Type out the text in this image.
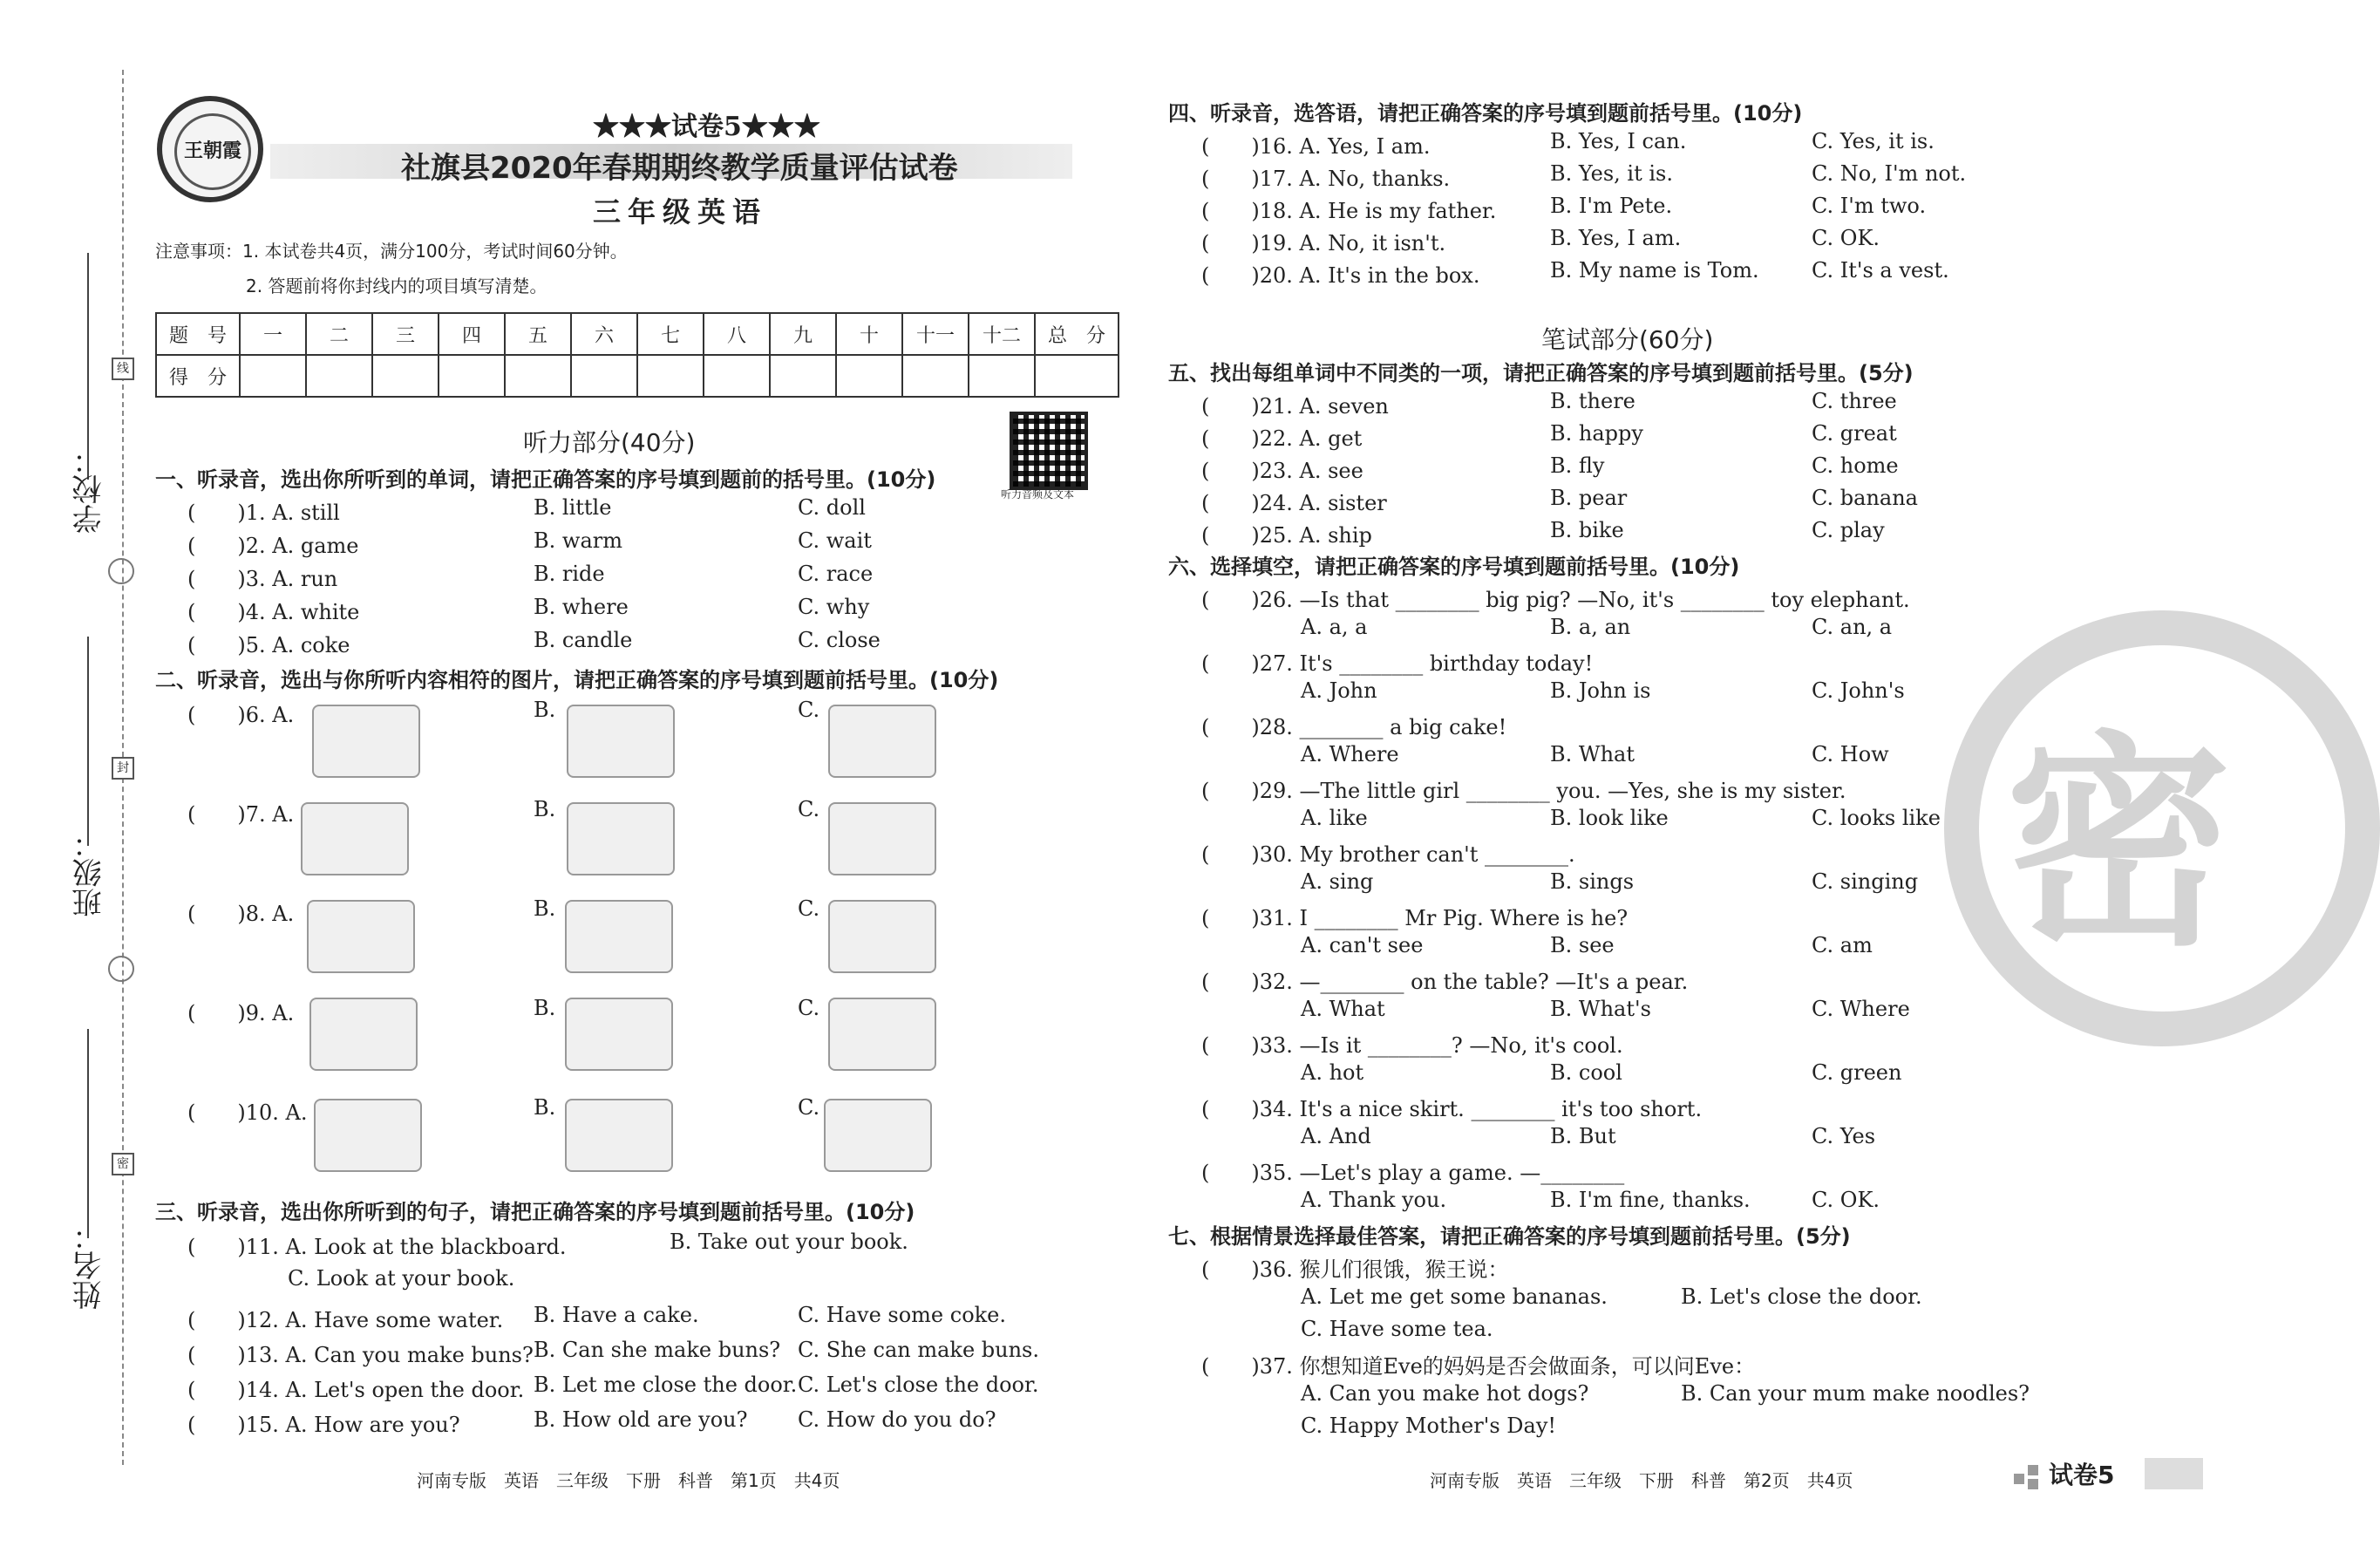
学校：
班级：
姓名：
线
封
密
王朝霞
★★★试卷5★★★
社旗县2020年春期期终教学质量评估试卷
三年级英语
注意事项：1. 本试卷共4页，满分100分，考试时间60分钟。
2. 答题前将你封线内的项目填写清楚。
题　号	一	二	三	四	五	六	七	八	九	十	十一	十二	总　分
得　分													
听力音频及文本
听力部分(40分)
一、听录音，选出你所听到的单词，请把正确答案的序号填到题前的括号里。(10分)
(　　)1. A. still	B. little	C. doll
(　　)2. A. game	B. warm	C. wait
(　　)3. A. run	B. ride	C. race
(　　)4. A. white	B. where	C. why
(　　)5. A. coke	B. candle	C. close
二、听录音，选出与你所听内容相符的图片，请把正确答案的序号填到题前括号里。(10分)
(　　)6. A.	B.	C.
(　　)7. A.	B.	C.
(　　)8. A.	B.	C.
(　　)9. A.	B.	C.
(　　)10. A.	B.	C.
三、听录音，选出你所听到的句子，请把正确答案的序号填到题前括号里。(10分)
(　　)11. A. Look at the blackboard.	B. Take out your book.
C. Look at your book.
(　　)12. A. Have some water. B. Have a cake.	C. Have some coke.
(　　)13. A. Can you make buns? B. Can she make buns? C. She can make buns.
(　　)14. A. Let's open the door. B. Let me close the door. C. Let's close the door.
(　　)15. A. How are you?	B. How old are you? C. How do you do?
河南专版　英语　三年级　下册　科普　第1页　共4页
密
四、听录音，选答语，请把正确答案的序号填到题前括号里。(10分)
(　　)16. A. Yes, I am.	B. Yes, I can.	C. Yes, it is.
(　　)17. A. No, thanks.	B. Yes, it is.	C. No, I'm not.
(　　)18. A. He is my father.	B. I'm Pete.	C. I'm two.
(　　)19. A. No, it isn't.	B. Yes, I am.	C. OK.
(　　)20. A. It's in the box.	B. My name is Tom.	C. It's a vest.
笔试部分(60分)
五、找出每组单词中不同类的一项，请把正确答案的序号填到题前括号里。(5分)
(　　)21. A. seven	B. there	C. three
(　　)22. A. get	B. happy	C. great
(　　)23. A. see	B. fly	C. home
(　　)24. A. sister	B. pear	C. banana
(　　)25. A. ship	B. bike	C. play
六、选择填空，请把正确答案的序号填到题前括号里。(10分)
(　　)26. —Is that ________ big pig? —No, it's ________ toy elephant.
A. a, a	B. a, an	C. an, a
(　　)27. It's ________ birthday today!
A. John	B. John is	C. John's
(　　)28. ________ a big cake!
A. Where	B. What	C. How
(　　)29. —The little girl ________ you. —Yes, she is my sister.
A. like	B. look like	C. looks like
(　　)30. My brother can't ________.
A. sing	B. sings	C. singing
(　　)31. I ________ Mr Pig. Where is he?
A. can't see	B. see	C. am
(　　)32. —________ on the table? —It's a pear.
A. What	B. What's	C. Where
(　　)33. —Is it ________? —No, it's cool.
A. hot	B. cool	C. green
(　　)34. It's a nice skirt. ________ it's too short.
A. And	B. But	C. Yes
(　　)35. —Let's play a game. —________
A. Thank you.	B. I'm fine, thanks.	C. OK.
七、根据情景选择最佳答案，请把正确答案的序号填到题前括号里。(5分)
(　　)36. 猴儿们很饿，猴王说：
A. Let me get some bananas.	B. Let's close the door.
C. Have some tea.
(　　)37. 你想知道Eve的妈妈是否会做面条，可以问Eve：
A. Can you make hot dogs?	B. Can your mum make noodles?
C. Happy Mother's Day!
河南专版　英语　三年级　下册　科普　第2页　共4页	试卷5
